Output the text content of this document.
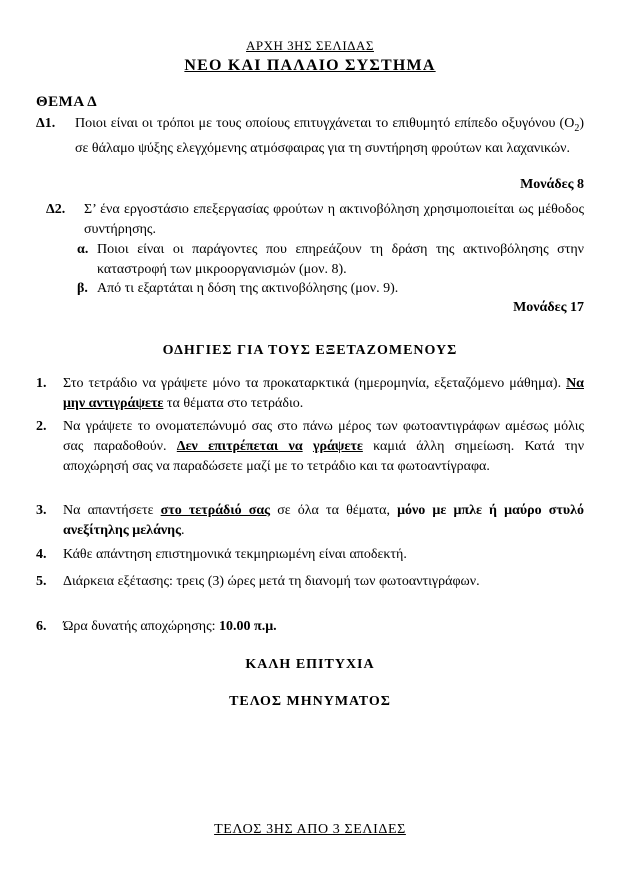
ΑΡΧΗ 3ΗΣ ΣΕΛΙΔΑΣ
ΝΕΟ ΚΑΙ ΠΑΛΑΙΟ ΣΥΣΤΗΜΑ
ΘΕΜΑ Δ
Δ1. Ποιοι είναι οι τρόποι με τους οποίους επιτυγχάνεται το επιθυμητό επίπεδο οξυγόνου $(O_2)$ σε θάλαμο ψύξης ελεγχόμενης ατμόσφαιρας για τη συντήρηση φρούτων και λαχανικών.
Μονάδες 8
Δ2. Σ’ ένα εργοστάσιο επεξεργασίας φρούτων η ακτινοβόληση χρησιμοποιείται ως μέθοδος συντήρησης.
α. Ποιοι είναι οι παράγοντες που επηρεάζουν τη δράση της ακτινοβόλησης στην καταστροφή των μικροοργανισμών (μον. 8).
β. Από τι εξαρτάται η δόση της ακτινοβόλησης (μον. 9).
Μονάδες 17
ΟΔΗΓΙΕΣ ΓΙΑ ΤΟΥΣ ΕΞΕΤΑΖΟΜΕΝΟΥΣ
1. Στο τετράδιο να γράψετε μόνο τα προκαταρκτικά (ημερομηνία, εξεταζόμενο μάθημα). Να μην αντιγράψετε τα θέματα στο τετράδιο.
2. Να γράψετε το ονοματεπώνυμό σας στο πάνω μέρος των φωτοαντιγράφων αμέσως μόλις σας παραδοθούν. Δεν επιτρέπεται να γράψετε καμιά άλλη σημείωση. Κατά την αποχώρησή σας να παραδώσετε μαζί με το τετράδιο και τα φωτοαντίγραφα.
3. Να απαντήσετε στο τετράδιό σας σε όλα τα θέματα, μόνο με μπλε ή μαύρο στυλό ανεξίτηλης μελάνης.
4. Κάθε απάντηση επιστημονικά τεκμηριωμένη είναι αποδεκτή.
5. Διάρκεια εξέτασης: τρεις (3) ώρες μετά τη διανομή των φωτοαντιγράφων.
6. Ώρα δυνατής αποχώρησης: 10.00 π.μ.
ΚΑΛΗ ΕΠΙΤΥΧΙΑ
ΤΕΛΟΣ ΜΗΝΥΜΑΤΟΣ
ΤΕΛΟΣ 3ΗΣ ΑΠΟ 3 ΣΕΛΙΔΕΣ
